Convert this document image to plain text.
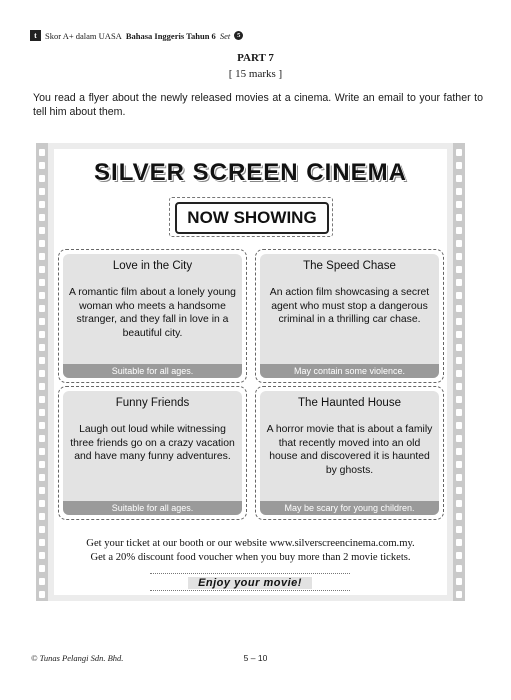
t Skor A+ dalam UASA Bahasa Inggeris Tahun 6 Set	5
PART 7
[ 15 marks ]
You read a flyer about the newly released movies at a cinema. Write an email to your father to tell him about them.
SILVER SCREEN CINEMA
NOW SHOWING
Love in the City
A romantic film about a lonely young woman who meets a handsome stranger, and they fall in love in a beautiful city.
Suitable for all ages.
The Speed Chase
An action film showcasing a secret agent who must stop a dangerous criminal in a thrilling car chase.
May contain some violence.
Funny Friends
Laugh out loud while witnessing three friends go on a crazy vacation and have many funny adventures.
Suitable for all ages.
The Haunted House
A horror movie that is about a family that recently moved into an old house and discovered it is haunted by ghosts.
May be scary for young children.
Get your ticket at our booth or our website www.silverscreencinema.com.my.
Get a 20% discount food voucher when you buy more than 2 movie tickets.
Enjoy your movie!
© Tunas Pelangi Sdn. Bhd.	5 – 10
